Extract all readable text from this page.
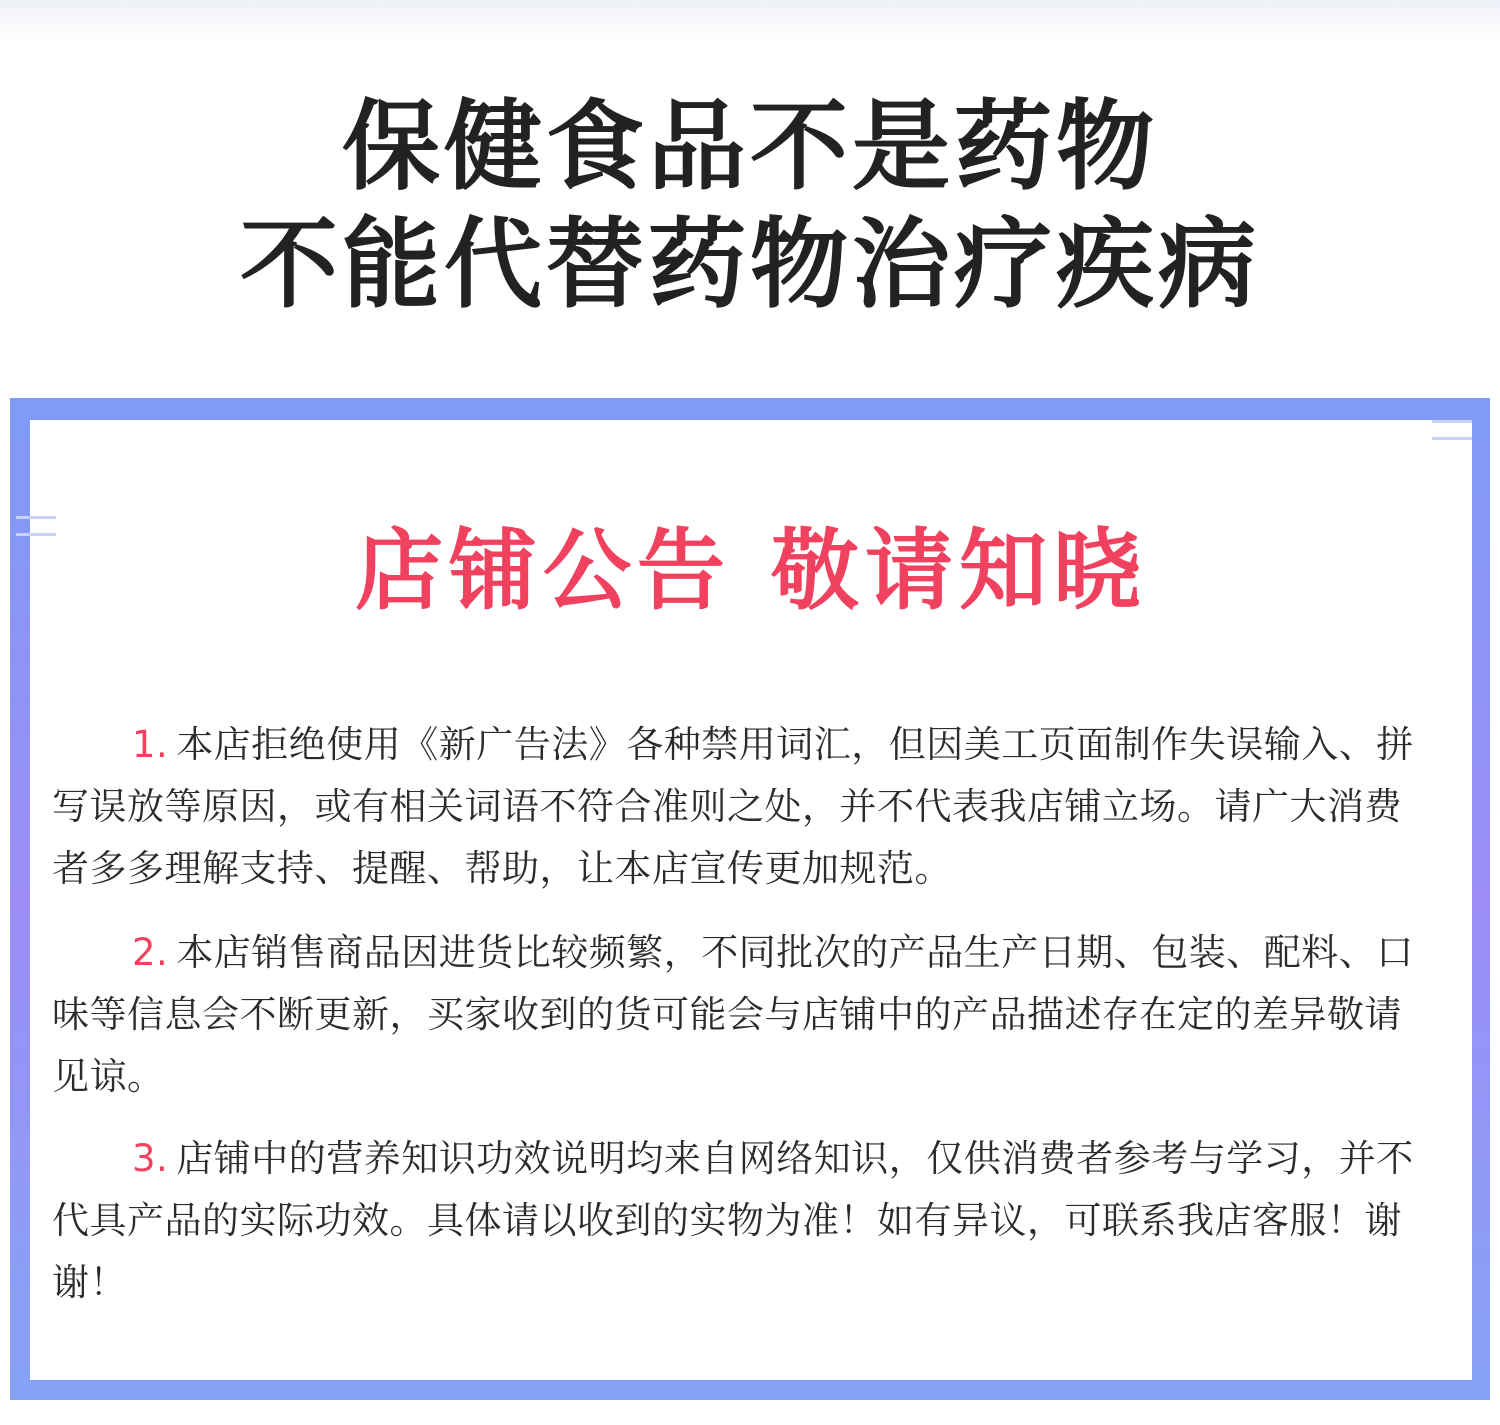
保健食品不是药物
不能代替药物治疗疾病
店铺公告 敬请知晓

1. 本店拒绝使用《新广告法》各种禁用词汇，但因美工页面制作失误输入、拼写误放等原因，或有相关词语不符合准则之处，并不代表我店铺立场。请广大消费者多多理解支持、提醒、帮助，让本店宣传更加规范。

2. 本店销售商品因进货比较频繁，不同批次的产品生产日期、包装、配料、口味等信息会不断更新，买家收到的货可能会与店铺中的产品描述存在定的差异敬请见谅。

3. 店铺中的营养知识功效说明均来自网络知识，仅供消费者参考与学习，并不代具产品的实际功效。具体请以收到的实物为准！如有异议，可联系我店客服！谢谢！
